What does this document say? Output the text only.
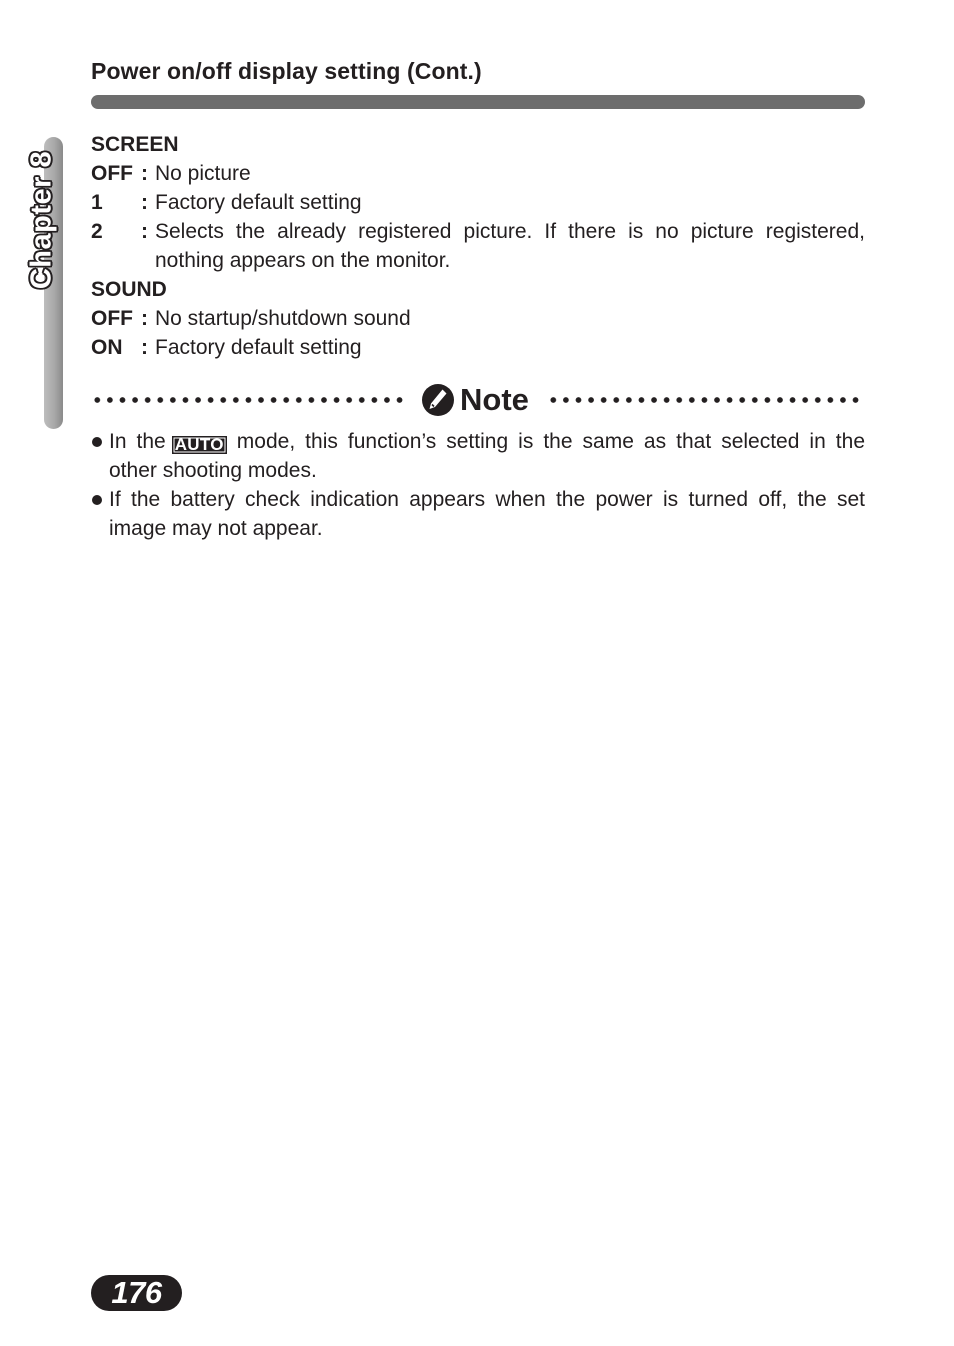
Power on/off display setting (Cont.)
Chapter 8
SCREEN
OFF : No picture
1 : Factory default setting
2 : Selects the already registered picture. If there is no picture registered, nothing appears on the monitor.
SOUND
OFF : No startup/shutdown sound
ON : Factory default setting
Note
In the AUTO mode, this function’s setting is the same as that selected in the other shooting modes.
If the battery check indication appears when the power is turned off, the set image may not appear.
176
